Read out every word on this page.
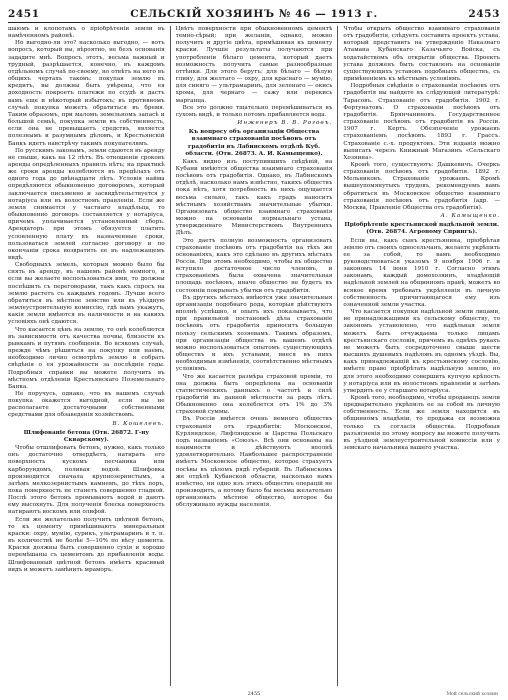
2451	СЕЛЬСКІЙ ХОЗЯИНЪ № 46 — 1913 г.	2453

шаюмъ и клопотамъ о пріобрѣтеніи земли въ намѣченномъ районѣ.

Но выгодно-ли это? насколько выгодно, — вотъ вопросъ, который вы, вѣроятно, не безъ основанія зададите мнѣ. Вопросъ этотъ, весьма важный и трудный, разрѣшается, конечно, въ каждомъ отдѣльномъ случаѣ по-своему, но отвѣтъ на него въ общихъ чертахъ таковъ: покупая землю въ кредитъ, вы должны быть увѣрены, что ея доходность покроетъ платежи по ссудѣ и дастъ вамъ еще и нѣкоторый избытокъ; въ противномъ случаѣ покупка можетъ обратиться въ бремя. Таким образомъ, при маломъ земельномъ запасѣ и большой семьѣ, покупка земли въ собственность, если она не превышаетъ средствъ, является полезнымъ и разумнымъ дѣломъ, и Крестьянскій Банкъ идетъ навстрѣчу такимъ покупателямъ.

По русскимъ законамъ, земли сдаются въ аренду не свыше, какъ на 12 лѣтъ. Въ отношеніи сроковъ аренды опредѣленныхъ правилъ нѣтъ; на практикѣ же сроки аренды колеблются въ предѣлахъ отъ одного года до двѣнадцати лѣтъ. Условія найма опредѣляются обыкновенно договоромъ, который заключается письменно и засвидѣтельствуется у нотаріуса или въ волостномъ правленіи. Если же земля снимается у частнаго владѣльца, то обыкновенно договоръ составляется у нотаріуса, причемъ уплачивается установленный сборъ. Арендаторъ при этомъ обязуется платить условленную плату въ назначенные сроки, пользоваться землей согласно договору и по окончаніи срока возвратить ее въ надлежащемъ видѣ.

Свободныхъ земель, которыя можно было бы снять въ аренду, въ нашемъ районѣ немного, и если вы желаете воспользоваться ими, то должны поспѣшить съ переговорами, такъ какъ спросъ на землю растетъ съ каждымъ годомъ. Лучше всего обратиться въ мѣстное земство или въ уѣздную землеустроительную комиссію, гдѣ вамъ укажутъ, какія земли имѣются въ наличности и на какихъ условіяхъ онѣ сдаются.

Что касается цѣнъ на землю, то онѣ колеблются въ зависимости отъ качества почвы, близости къ рынкамъ и путямъ сообщенія. Во всякомъ случаѣ, прежде чѣмъ рѣшиться на покупку или наемъ, необходимо лично осмотрѣть землю и собрать свѣдѣнія о ея урожайности за послѣдніе годы. Подробныя справки вы можете получить въ мѣстномъ отдѣленіи Крестьянскаго Поземельнаго Банка.

Не поручусь, однако, что въ вашемъ случаѣ покупка окажется выгодной, если вы не располагаете достаточными собственными средствами для обзаведенія хозяйствомъ.

В. Кошелевъ.

Шлифованіе бетона (Отв. 26872. Г-ну Скварскому).

Чтобы отшлифовать бетонъ, нужно, какъ только онъ достаточно отвердѣетъ, натирать его поверхность кускомъ песчаника или карборундомъ, поливая водой. Шлифовка производится сначала крупнозернистымъ, а затѣмъ мелкозернистымъ камнемъ, до тѣхъ поръ, пока поверхность не станетъ совершенно гладкой. Послѣ этого бетонъ промываютъ водой и даютъ ему высохнуть. Для полученія блеска поверхность натираютъ воскомъ или олифой.

Если же желательно получить цвѣтной бетонъ, то къ цементу примѣшиваютъ минеральныя краски: охру, мумію, сурикъ, ультрамаринъ и т. п. въ количествѣ не болѣе 5—10% по вѣсу цемента. Краски должны быть совершенно сухія и хорошо перемѣшаны съ цементомъ до прибавленія воды. Шлифованный цвѣтной бетонъ имѣетъ красивый видъ и можетъ замѣнить мраморъ.

Цвѣтъ поверхности при обыкновенномъ цементѣ темно-сѣрый; при желаніи, однако, можно получить и другіе цвѣта, примѣшивая къ цементу краски. Лучшіе результаты получаются при употребленіи бѣлаго цемента, который даетъ возможность получить самые разнообразные оттѣнки. Для этого берутъ: для бѣлаго — бѣлую глину, для желтаго — охру, для краснаго — мумію, для синяго — ультрамаринъ, для зеленаго — окись хрома, для чернаго — сажу или перекись марганца.

Все это должно тщательно перемѣшиваться въ сухомъ видѣ, и только потомъ прибавляется вода.

Инженеръ В. В. Роговъ.

Къ вопросу объ организаціи Общества взаимнаго страхованія посѣвовъ отъ градобитія въ Лабинскомъ отдѣлѣ Куб. области. (Отв. 26873. А. И. Камыщенко).

Какъ видно изъ поступившихъ свѣдѣній, на Кубани имѣются общества взаимнаго страхованія посѣвовъ отъ градобитія. Однако, въ Лабинскомъ отдѣлѣ, насколько намъ извѣстно, такихъ обществъ пока нѣтъ, хотя потребность въ нихъ ощущается весьма сильно, такъ какъ градъ наноситъ мѣстнымъ хозяйствамъ значительные убытки. Организовать общество взаимнаго страхованія можно на основаніи нормальнаго устава, утвержденнаго Министерствомъ Внутреннихъ Дѣлъ.

Это даетъ полную возможность организовать страхованіе посѣвовъ отъ градобитія на тѣхъ же основаніяхъ, какъ это сдѣлано въ другихъ мѣстахъ Россіи. При этомъ необходимо, чтобы въ общество вступило достаточное число членовъ, и страхованіемъ была охвачена значительная площадь посѣвовъ, иначе общество не будетъ въ состояніи покрывать убытки отъ градобитія.

Въ другихъ мѣстахъ имѣются уже значительныя организаціи подобнаго рода, которыя дѣйствуютъ вполнѣ успѣшно, и опытъ ихъ показываетъ, что при правильной постановкѣ дѣла страхованіе посѣвовъ отъ градобитія приноситъ большую пользу сельскимъ хозяевамъ. Такимъ образомъ, при организаціи общества въ вашемъ отдѣлѣ можно воспользоваться опытомъ существующихъ обществъ и ихъ уставами, внеся въ нихъ необходимыя измѣненія, соотвѣтственно мѣстнымъ условіямъ.

Что же касается размѣра страховой преміи, то она должна быть опредѣлена на основаніи статистическихъ данныхъ о частотѣ и силѣ градобитій въ данной мѣстности за рядъ лѣтъ. Обыкновенно она колеблется отъ 1% до 3% страховой суммы.

Въ Россіи имѣется очень немного обществъ страхованія отъ градобитія: Московское, Курляндское, Лифляндское и Царства Польскаго подъ названіемъ «Союзъ». Всѣ они основаны на взаимности и дѣйствуютъ вполнѣ удовлетворительно. Наибольшее распространеніе имѣетъ Московское общество, которое страхуетъ посѣвы въ цѣломъ рядѣ губерній. Въ Лабинскомъ же отдѣлѣ Кубанской области, насколько намъ извѣстно, ни одно изъ этихъ обществъ операцій не производитъ, а потому было бы весьма желательно организовать мѣстное общество, которое бы обслуживало нужды населенія.

Чтобы открыть общество взаимнаго страхованія отъ градобитія, слѣдуетъ составить проектъ устава, который представить на утвержденіе Наказнаго Атамана Кубанскаго Казачьяго Войска, съ ходатайствомъ объ открытіи общества. Проектъ устава долженъ быть составленъ на основаніи существующихъ уставовъ подобныхъ обществъ, съ примѣненіемъ къ мѣстнымъ условіямъ.

Подробныя свѣдѣнія о страхованіи посѣвовъ отъ градобитія вы найдете въ слѣдующей литературѣ: Тарасовъ. Страхованіе отъ градобитія. 1902 г. Фортунатовъ. О страхованіи посѣвовъ отъ градобитія. Брянчаниновъ. Государственное страхованіе посѣвовъ отъ градобитія въ Россіи. 1907 г. Кертъ. Обезпеченіе урожаевъ страхованіемъ посѣвовъ. 1893 г. Грассъ. Страхованіе с.-х. продуктовъ. Эти изданія можно выписать черезъ Книжный Магазинъ «Сельскаго Хозяина».

Кромѣ того, существуютъ: Дашкевичъ. Очеркъ страхованія посѣвовъ отъ градобитія. 1892 г. Мельниковъ. Страхованіе урожаевъ. Кромѣ вышеупомянутыхъ трудовъ, рекомендуемъ вамъ обратиться въ Московское общество взаимнаго страхованія посѣвовъ отъ градобитія (адр. — Москва, Правленіе Общества отъ градобитія).

А. Камыщенко.

Пріобрѣтеніе крестьянской надѣльной земли. (Отв. 26874. Агроному Спрингъ).

Если вы, какъ сынъ крестьянина, пріобрѣтая землю отъ своихъ односельчанъ, желаете укрѣпить ее за собой, то вамъ необходимо руководствоваться указомъ 9 ноября 1906 г. и закономъ 14 іюня 1910 г. Согласно этимъ законамъ, каждый домохозяинъ, владѣющій надѣльной землей на общинномъ правѣ, можетъ во всякое время требовать укрѣпленія въ личную собственность причитающагося ему изъ означенной земли участка.

Что касается покупки надѣльной земли лицами, не принадлежащими къ сельскому обществу, то закономъ установлено, что надѣльная земля можетъ быть отчуждаема только лицамъ крестьянскаго сословія, причемъ въ однѣхъ рукахъ не можетъ быть сосредоточено свыше шести высшихъ душевыхъ надѣловъ въ одномъ уѣздѣ. Вы, какъ принадлежащій къ крестьянскому сословію, имѣете право пріобрѣтать надѣльную землю, но для этого необходимо совершить купчую крѣпость у нотаріуса или въ волостномъ правленіи и затѣмъ утвердить ее у старшаго нотаріуса.

Кромѣ того, необходимо, чтобы продавецъ земли предварительно укрѣпилъ ее за собой въ личную собственность. Если же земля находится въ общинномъ владѣніи, то продажа ея возможна только съ согласія общества. Подробныя разъясненія по этому вопросу вы можете получить въ уѣздной землеустроительной комиссіи или у земскаго начальника вашего участка.

2455	Мой сельский хозяин
